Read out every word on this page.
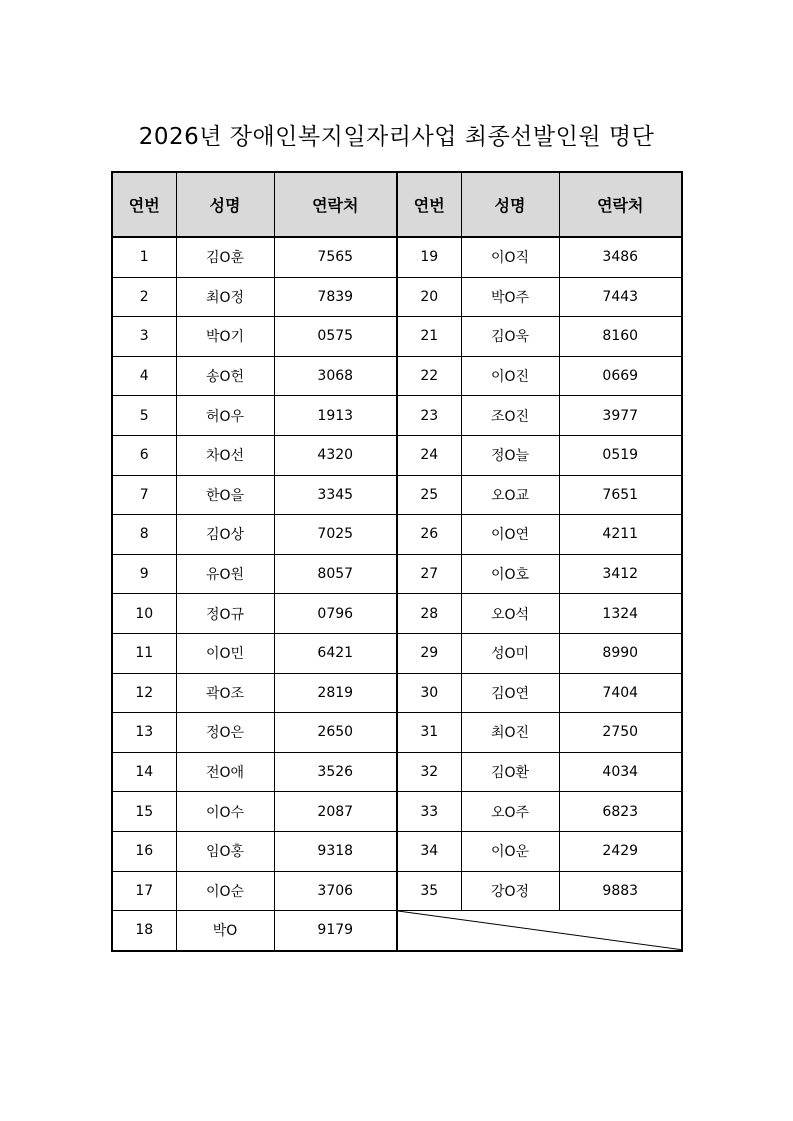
2026년 장애인복지일자리사업 최종선발인원 명단
연번	성명	연락처	연번	성명	연락처
1	김O훈	7565	19	이O직	3486
2	최O정	7839	20	박O주	7443
3	박O기	0575	21	김O욱	8160
4	송O헌	3068	22	이O진	0669
5	허O우	1913	23	조O진	3977
6	차O선	4320	24	정O늘	0519
7	한O을	3345	25	오O교	7651
8	김O상	7025	26	이O연	4211
9	유O원	8057	27	이O호	3412
10	정O규	0796	28	오O석	1324
11	이O민	6421	29	성O미	8990
12	곽O조	2819	30	김O연	7404
13	정O은	2650	31	최O진	2750
14	전O애	3526	32	김O환	4034
15	이O수	2087	33	오O주	6823
16	임O홍	9318	34	이O운	2429
17	이O순	3706	35	강O정	9883
18	박O	9179	
